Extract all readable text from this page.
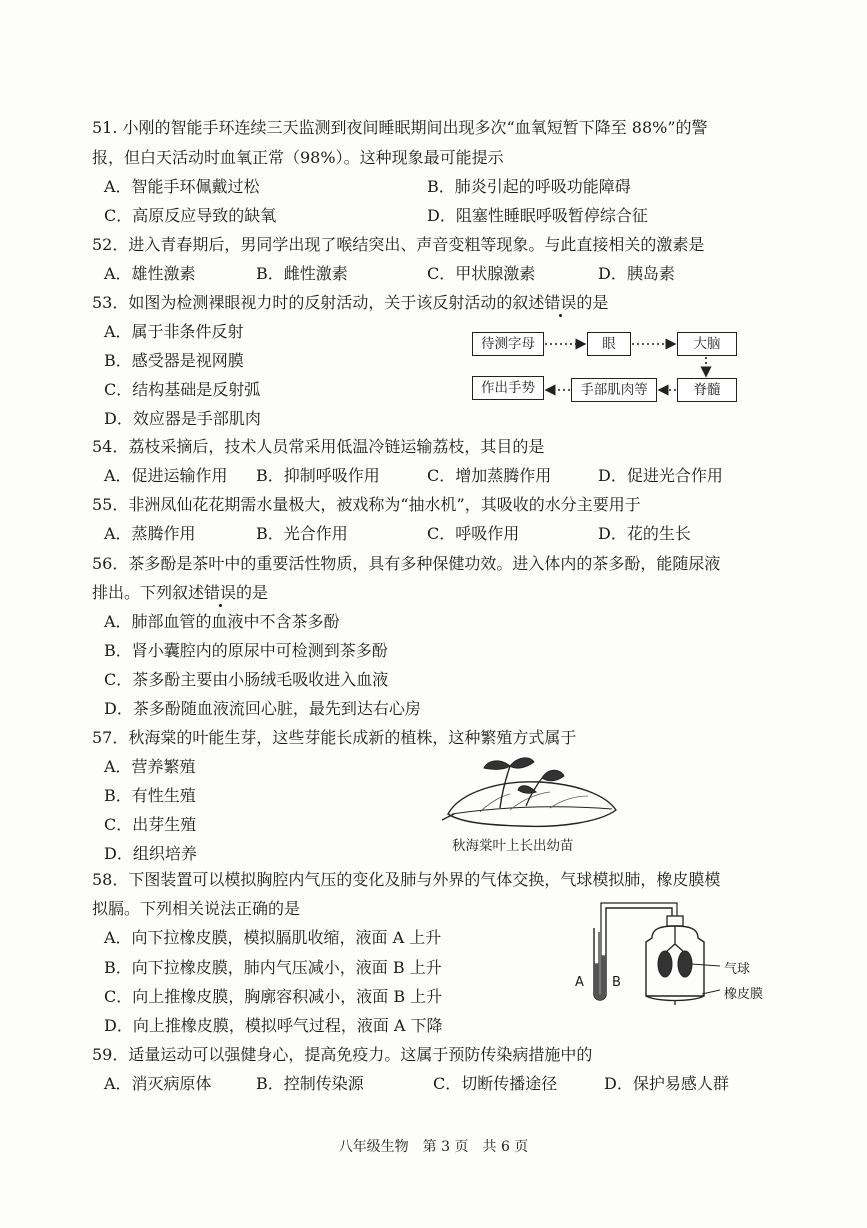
51. 小刚的智能手环连续三天监测到夜间睡眠期间出现多次“血氧短暂下降至 88%”的警
报，但白天活动时血氧正常（98%）。这种现象最可能提示
A．智能手环佩戴过松	B．肺炎引起的呼吸功能障碍
C．高原反应导致的缺氧	D．阻塞性睡眠呼吸暂停综合征
52．进入青春期后，男同学出现了喉结突出、声音变粗等现象。与此直接相关的激素是
A．雄性激素	B．雌性激素	C．甲状腺激素	D．胰岛素
53．如图为检测裸眼视力时的反射活动，关于该反射活动的叙述错误的是
A．属于非条件反射
B．感受器是视网膜
C．结构基础是反射弧
D．效应器是手部肌肉
待测字母	眼	大脑
脊髓
手部肌肉等
作出手势
54．荔枝采摘后，技术人员常采用低温冷链运输荔枝，其目的是
A．促进运输作用 B．抑制呼吸作用	C．增加蒸腾作用	D．促进光合作用
55．非洲凤仙花花期需水量极大，被戏称为“抽水机”，其吸收的水分主要用于
A．蒸腾作用	B．光合作用	C．呼吸作用	D．花的生长
56．茶多酚是茶叶中的重要活性物质，具有多种保健功效。进入体内的茶多酚，能随尿液
排出。下列叙述错误的是
A．肺部血管的血液中不含茶多酚
B．肾小囊腔内的原尿中可检测到茶多酚
C．茶多酚主要由小肠绒毛吸收进入血液
D．茶多酚随血液流回心脏，最先到达右心房
57．秋海棠的叶能生芽，这些芽能长成新的植株，这种繁殖方式属于
A．营养繁殖
B．有性生殖
C．出芽生殖
D．组织培养	秋海棠叶上长出幼苗
58．下图装置可以模拟胸腔内气压的变化及肺与外界的气体交换，气球模拟肺，橡皮膜模
拟膈。下列相关说法正确的是
A．向下拉橡皮膜，模拟膈肌收缩，液面 A 上升
B．向下拉橡皮膜，肺内气压减小，液面 B 上升
C．向上推橡皮膜，胸廓容积减小，液面 B 上升
D．向上推橡皮膜，模拟呼气过程，液面 A 下降
气球
橡皮膜
A B
59．适量运动可以强健身心，提高免疫力。这属于预防传染病措施中的
A．消灭病原体	B．控制传染源	C．切断传播途径	D．保护易感人群
八年级生物　第 3 页　共 6 页
